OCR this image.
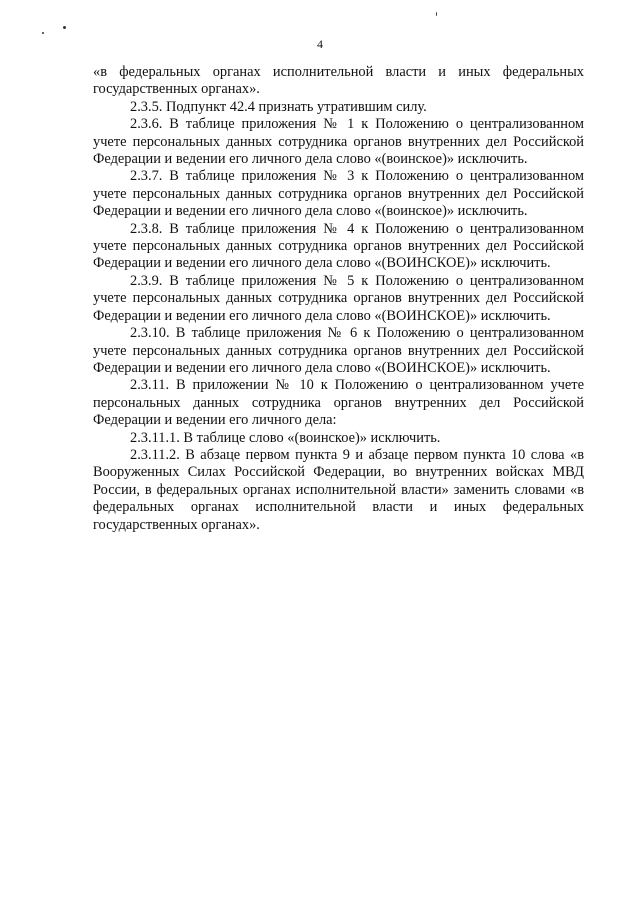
4

«в федеральных органах исполнительной власти и иных федеральных государственных органах».

2.3.5. Подпункт 42.4 признать утратившим силу.

2.3.6. В таблице приложения № 1 к Положению о централизованном учете персональных данных сотрудника органов внутренних дел Российской Федерации и ведении его личного дела слово «(воинское)» исключить.

2.3.7. В таблице приложения № 3 к Положению о централизованном учете персональных данных сотрудника органов внутренних дел Российской Федерации и ведении его личного дела слово «(воинское)» исключить.

2.3.8. В таблице приложения № 4 к Положению о централизованном учете персональных данных сотрудника органов внутренних дел Российской Федерации и ведении его личного дела слово «(ВОИНСКОЕ)» исключить.

2.3.9. В таблице приложения № 5 к Положению о централизованном учете персональных данных сотрудника органов внутренних дел Российской Федерации и ведении его личного дела слово «(ВОИНСКОЕ)» исключить.

2.3.10. В таблице приложения № 6 к Положению о централизованном учете персональных данных сотрудника органов внутренних дел Российской Федерации и ведении его личного дела слово «(ВОИНСКОЕ)» исключить.

2.3.11. В приложении № 10 к Положению о централизованном учете персональных данных сотрудника органов внутренних дел Российской Федерации и ведении его личного дела:

2.3.11.1. В таблице слово «(воинское)» исключить.

2.3.11.2. В абзаце первом пункта 9 и абзаце первом пункта 10 слова «в Вооруженных Силах Российской Федерации, во внутренних войсках МВД России, в федеральных органах исполнительной власти» заменить словами «в федеральных органах исполнительной власти и иных федеральных государственных органах».
